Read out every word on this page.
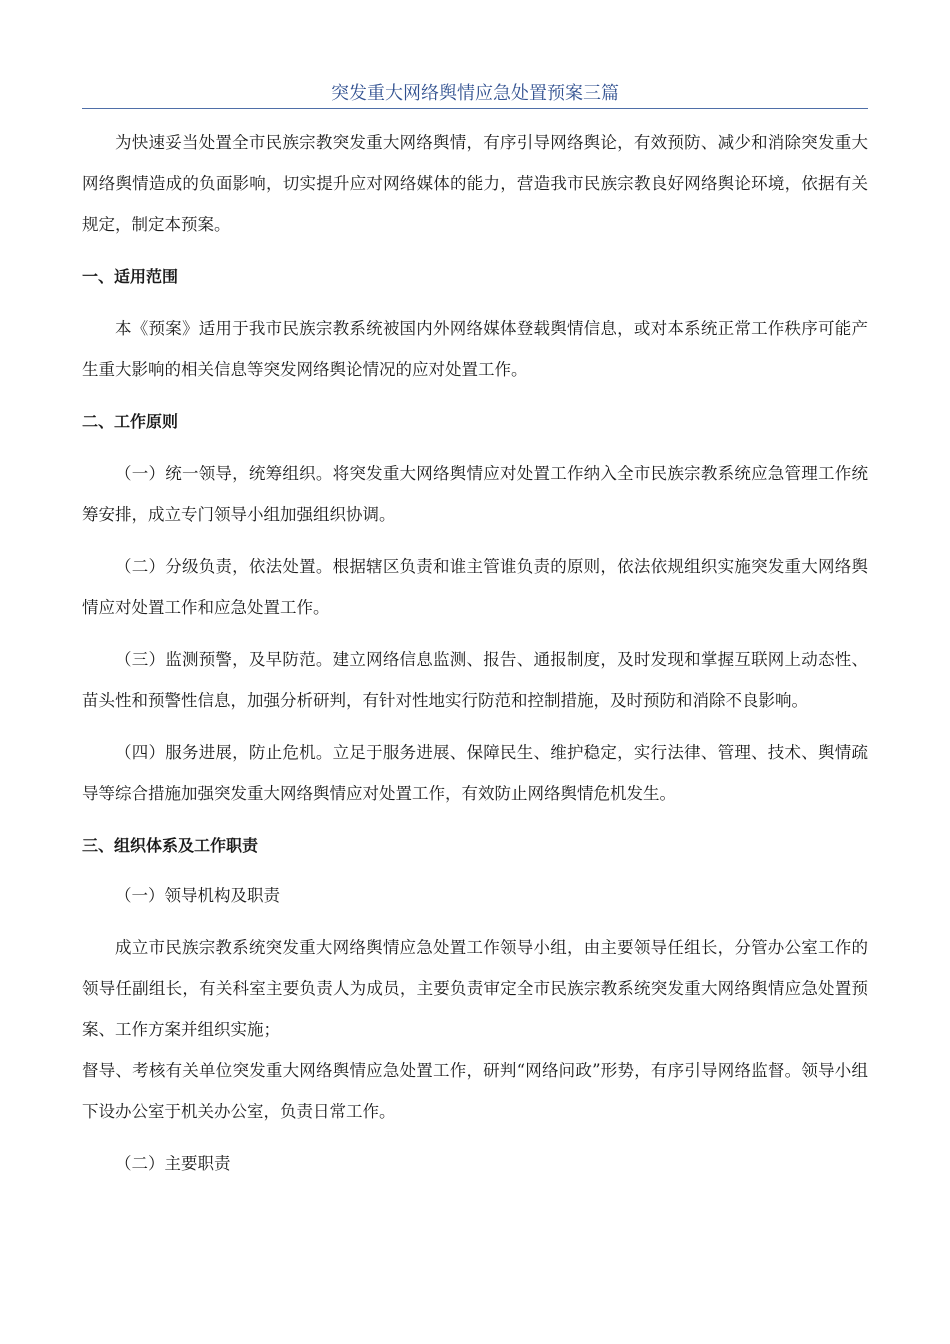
突发重大网络舆情应急处置预案三篇

为快速妥当处置全市民族宗教突发重大网络舆情，有序引导网络舆论，有效预防、减少和消除突发重大网络舆情造成的负面影响，切实提升应对网络媒体的能力，营造我市民族宗教良好网络舆论环境，依据有关规定，制定本预案。

一、适用范围

本《预案》适用于我市民族宗教系统被国内外网络媒体登载舆情信息，或对本系统正常工作秩序可能产生重大影响的相关信息等突发网络舆论情况的应对处置工作。

二、工作原则

（一）统一领导，统筹组织。将突发重大网络舆情应对处置工作纳入全市民族宗教系统应急管理工作统筹安排，成立专门领导小组加强组织协调。

（二）分级负责，依法处置。根据辖区负责和谁主管谁负责的原则，依法依规组织实施突发重大网络舆情应对处置工作和应急处置工作。

（三）监测预警，及早防范。建立网络信息监测、报告、通报制度，及时发现和掌握互联网上动态性、苗头性和预警性信息，加强分析研判，有针对性地实行防范和控制措施，及时预防和消除不良影响。

（四）服务进展，防止危机。立足于服务进展、保障民生、维护稳定，实行法律、管理、技术、舆情疏导等综合措施加强突发重大网络舆情应对处置工作，有效防止网络舆情危机发生。

三、组织体系及工作职责

（一）领导机构及职责

成立市民族宗教系统突发重大网络舆情应急处置工作领导小组，由主要领导任组长，分管办公室工作的领导任副组长，有关科室主要负责人为成员，主要负责审定全市民族宗教系统突发重大网络舆情应急处置预案、工作方案并组织实施；

督导、考核有关单位突发重大网络舆情应急处置工作，研判“网络问政”形势，有序引导网络监督。领导小组下设办公室于机关办公室，负责日常工作。

（二）主要职责
